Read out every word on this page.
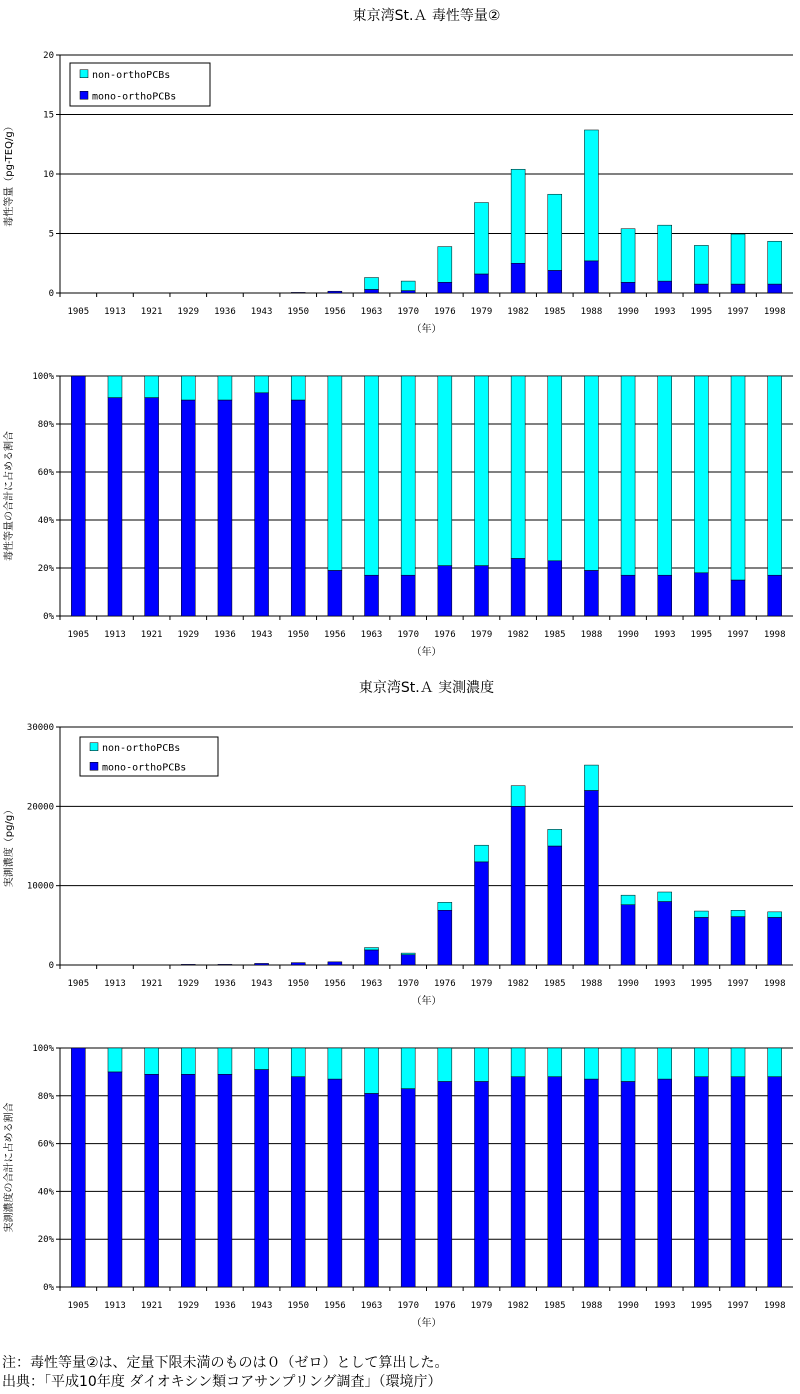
東京湾St.Ａ 毒性等量②
0
5
10
15
20
1905 1913 1921 1929 1936 1943 1950 1956 1963 1970 1976 1979 1982 1985 1988 1990 1993 1995 1997 1998
（年）
毒性等量（pg-TEQ/g）
non-orthoPCBs
mono-orthoPCBs
0%
20%
40%
60%
80%
100%
1905 1913 1921 1929 1936 1943 1950 1956 1963 1970 1976 1979 1982 1985 1988 1990 1993 1995 1997 1998
（年）
毒性等量の合計に占める割合
東京湾St.Ａ 実測濃度
0
10000
20000
30000
1905 1913 1921 1929 1936 1943 1950 1956 1963 1970 1976 1979 1982 1985 1988 1990 1993 1995 1997 1998
（年）
実測濃度（pg/g）
non-orthoPCBs
mono-orthoPCBs
0%
20%
40%
60%
80%
100%
1905 1913 1921 1929 1936 1943 1950 1956 1963 1970 1976 1979 1982 1985 1988 1990 1993 1995 1997 1998
（年）
実測濃度の合計に占める割合
注：毒性等量②は、定量下限未満のものは０（ゼロ）として算出した。
出典：「平成10年度 ダイオキシン類コアサンプリング調査」（環境庁）
